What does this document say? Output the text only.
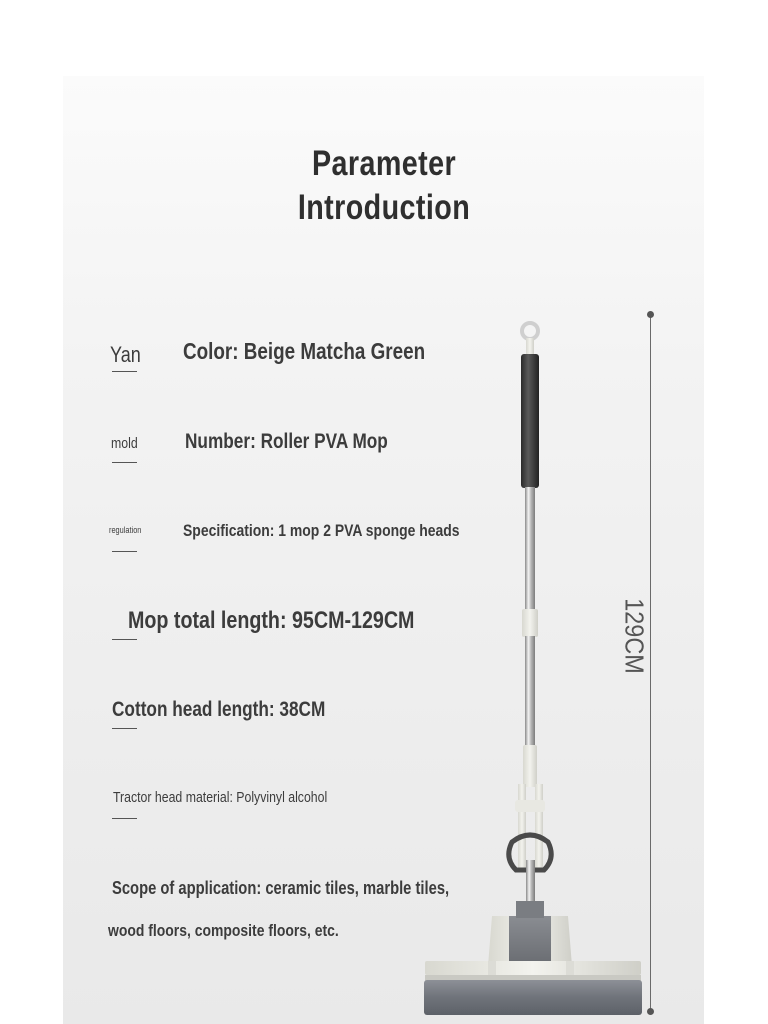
Parameter
Introduction
Yan Color: Beige Matcha Green
mold Number: Roller PVA Mop
regulation Specification: 1 mop 2 PVA sponge heads
Mop total length: 95CM-129CM
Cotton head length: 38CM
Tractor head material: Polyvinyl alcohol
Scope of application: ceramic tiles, marble tiles,
wood floors, composite floors, etc.
129CM
